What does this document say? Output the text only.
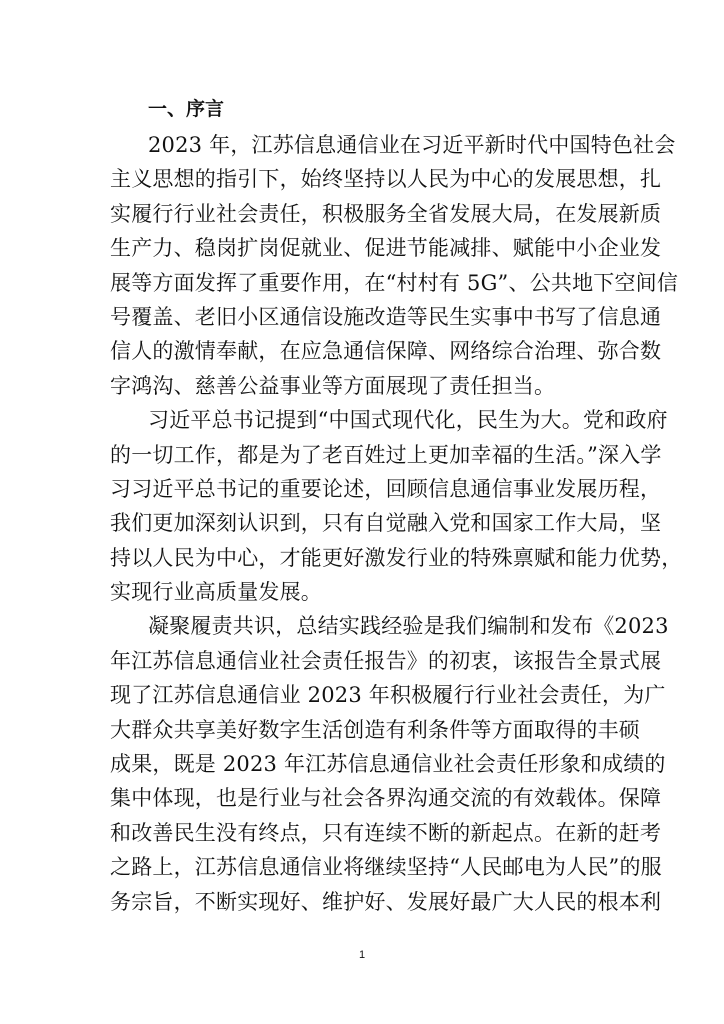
一、序言

2023 年，江苏信息通信业在习近平新时代中国特色社会
主义思想的指引下，始终坚持以人民为中心的发展思想，扎
实履行行业社会责任，积极服务全省发展大局，在发展新质
生产力、稳岗扩岗促就业、促进节能减排、赋能中小企业发
展等方面发挥了重要作用，在“村村有 5G”、公共地下空间信
号覆盖、老旧小区通信设施改造等民生实事中书写了信息通
信人的激情奉献，在应急通信保障、网络综合治理、弥合数
字鸿沟、慈善公益事业等方面展现了责任担当。

习近平总书记提到“中国式现代化，民生为大。党和政府
的一切工作，都是为了老百姓过上更加幸福的生活。”深入学
习习近平总书记的重要论述，回顾信息通信事业发展历程，
我们更加深刻认识到，只有自觉融入党和国家工作大局，坚
持以人民为中心，才能更好激发行业的特殊禀赋和能力优势，
实现行业高质量发展。

凝聚履责共识，总结实践经验是我们编制和发布《2023
年江苏信息通信业社会责任报告》的初衷，该报告全景式展
现了江苏信息通信业 2023 年积极履行行业社会责任，为广
大群众共享美好数字生活创造有利条件等方面取得的丰硕
成果，既是 2023 年江苏信息通信业社会责任形象和成绩的
集中体现，也是行业与社会各界沟通交流的有效载体。保障
和改善民生没有终点，只有连续不断的新起点。在新的赶考
之路上，江苏信息通信业将继续坚持“人民邮电为人民”的服
务宗旨，不断实现好、维护好、发展好最广大人民的根本利

1
